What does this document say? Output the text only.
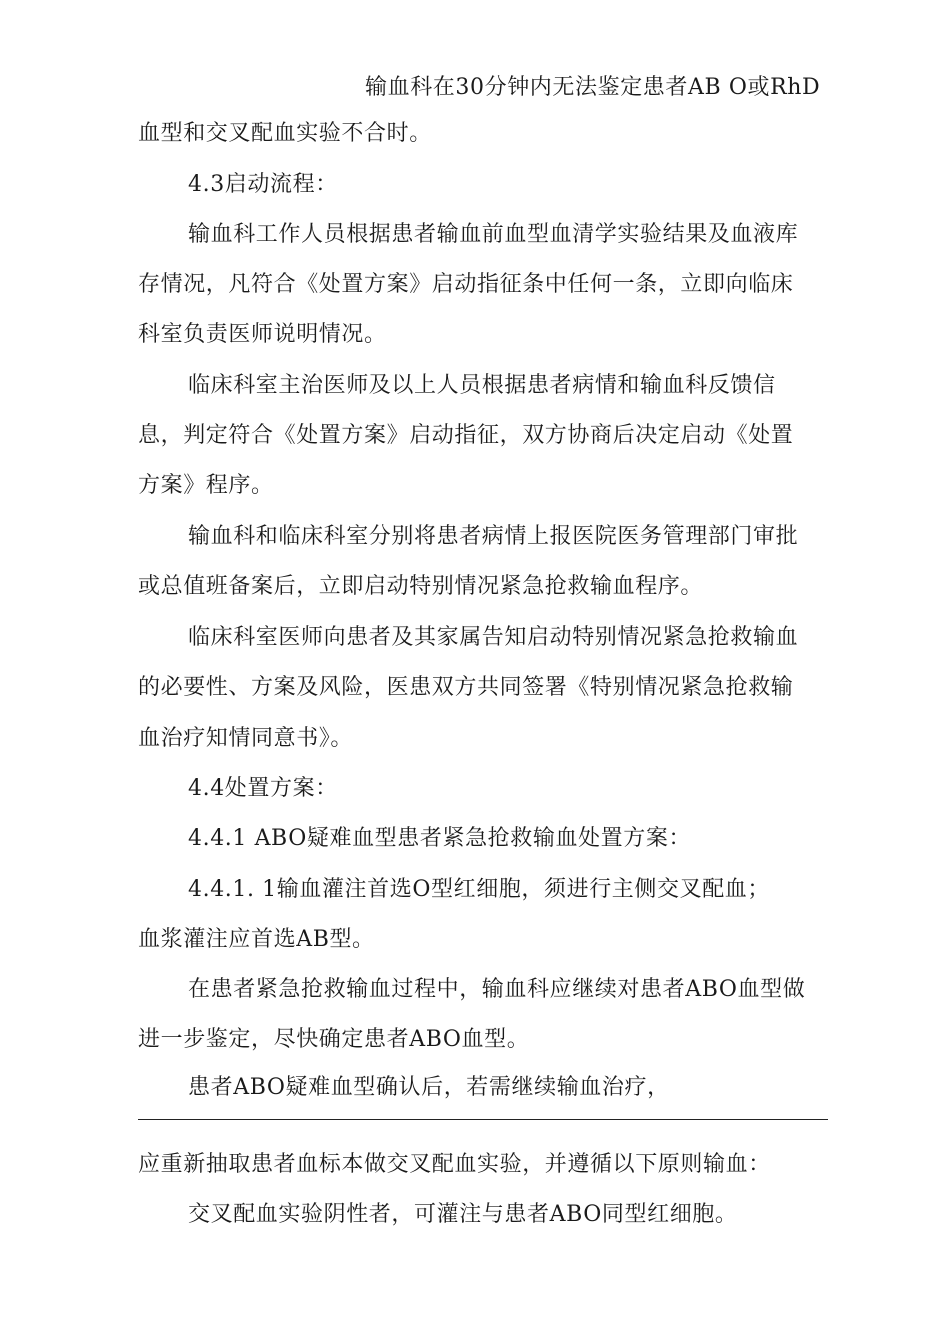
输血科在30分钟内无法鉴定患者AB O或RhD
血型和交叉配血实验不合时。
4.3启动流程：
输血科工作人员根据患者输血前血型血清学实验结果及血液库
存情况，凡符合《处置方案》启动指征条中任何一条，立即向临床
科室负责医师说明情况。
临床科室主治医师及以上人员根据患者病情和输血科反馈信
息，判定符合《处置方案》启动指征，双方协商后决定启动《处置
方案》程序。
输血科和临床科室分别将患者病情上报医院医务管理部门审批
或总值班备案后，立即启动特别情况紧急抢救输血程序。
临床科室医师向患者及其家属告知启动特别情况紧急抢救输血
的必要性、方案及风险，医患双方共同签署《特别情况紧急抢救输
血治疗知情同意书》。
4.4处置方案：
4.4.1 ABO疑难血型患者紧急抢救输血处置方案：
4.4.1. 1输血灌注首选O型红细胞，须进行主侧交叉配血；
血浆灌注应首选AB型。
在患者紧急抢救输血过程中，输血科应继续对患者ABO血型做
进一步鉴定，尽快确定患者ABO血型。
患者ABO疑难血型确认后，若需继续输血治疗，
应重新抽取患者血标本做交叉配血实验，并遵循以下原则输血：
交叉配血实验阴性者，可灌注与患者ABO同型红细胞。
